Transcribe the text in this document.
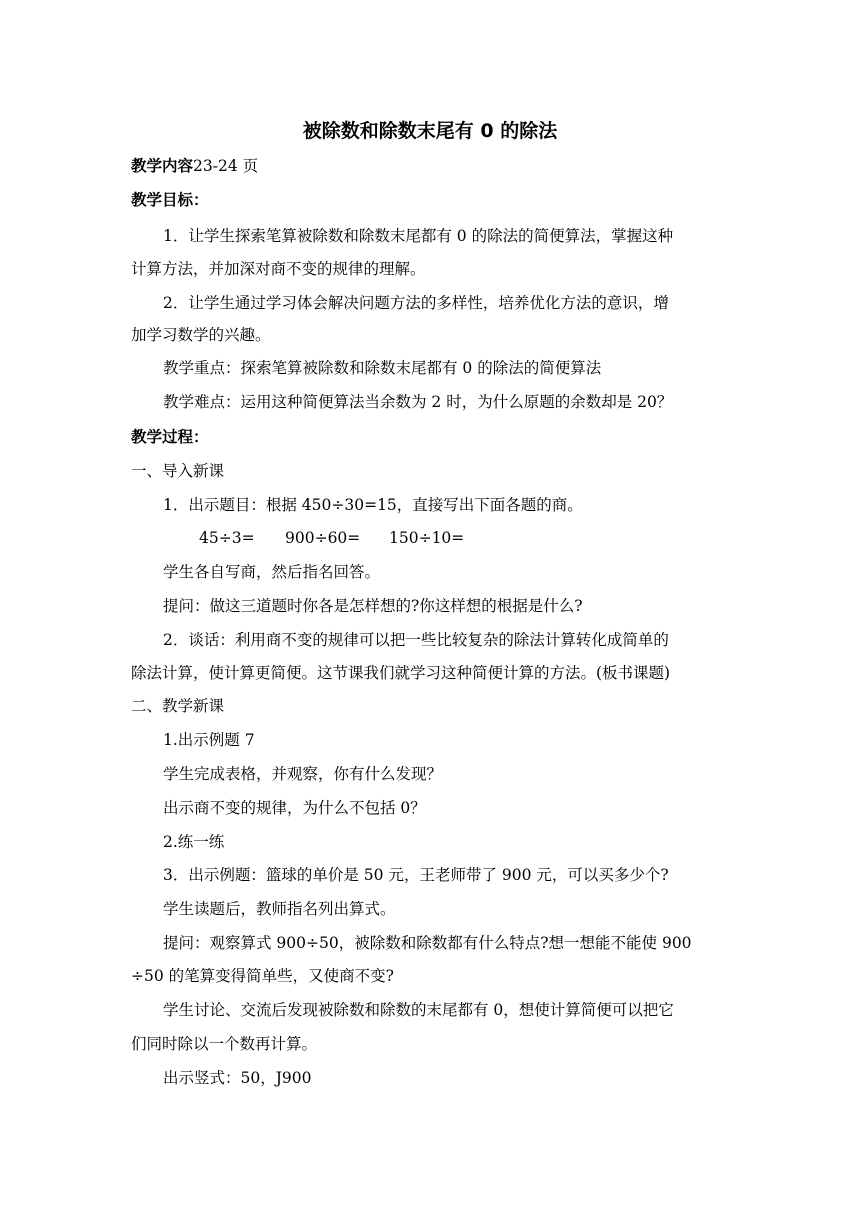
被除数和除数末尾有 0 的除法
教学内容23-24 页
教学目标：
1．让学生探索笔算被除数和除数末尾都有 0 的除法的简便算法，掌握这种
计算方法，并加深对商不变的规律的理解。
2．让学生通过学习体会解决问题方法的多样性，培养优化方法的意识，增
加学习数学的兴趣。
教学重点：探索笔算被除数和除数末尾都有 0 的除法的简便算法
教学难点：运用这种简便算法当余数为 2 时，为什么原题的余数却是 20？
教学过程：
一、导入新课
1．出示题目：根据 450÷30=15，直接写出下面各题的商。
45÷3= 900÷60= 150÷10=
学生各自写商，然后指名回答。
提问：做这三道题时你各是怎样想的?你这样想的根据是什么?
2．谈话：利用商不变的规律可以把一些比较复杂的除法计算转化成简单的
除法计算，使计算更简便。这节课我们就学习这种简便计算的方法。(板书课题)
二、教学新课
1.出示例题 7
学生完成表格，并观察，你有什么发现？
出示商不变的规律，为什么不包括 0？
2.练一练
3．出示例题：篮球的单价是 50 元，王老师带了 900 元，可以买多少个?
学生读题后，教师指名列出算式。
提问：观察算式 900÷50，被除数和除数都有什么特点?想一想能不能使 900
÷50 的笔算变得简单些，又使商不变?
学生讨论、交流后发现被除数和除数的末尾都有 0，想使计算简便可以把它
们同时除以一个数再计算。
出示竖式：50，J900
